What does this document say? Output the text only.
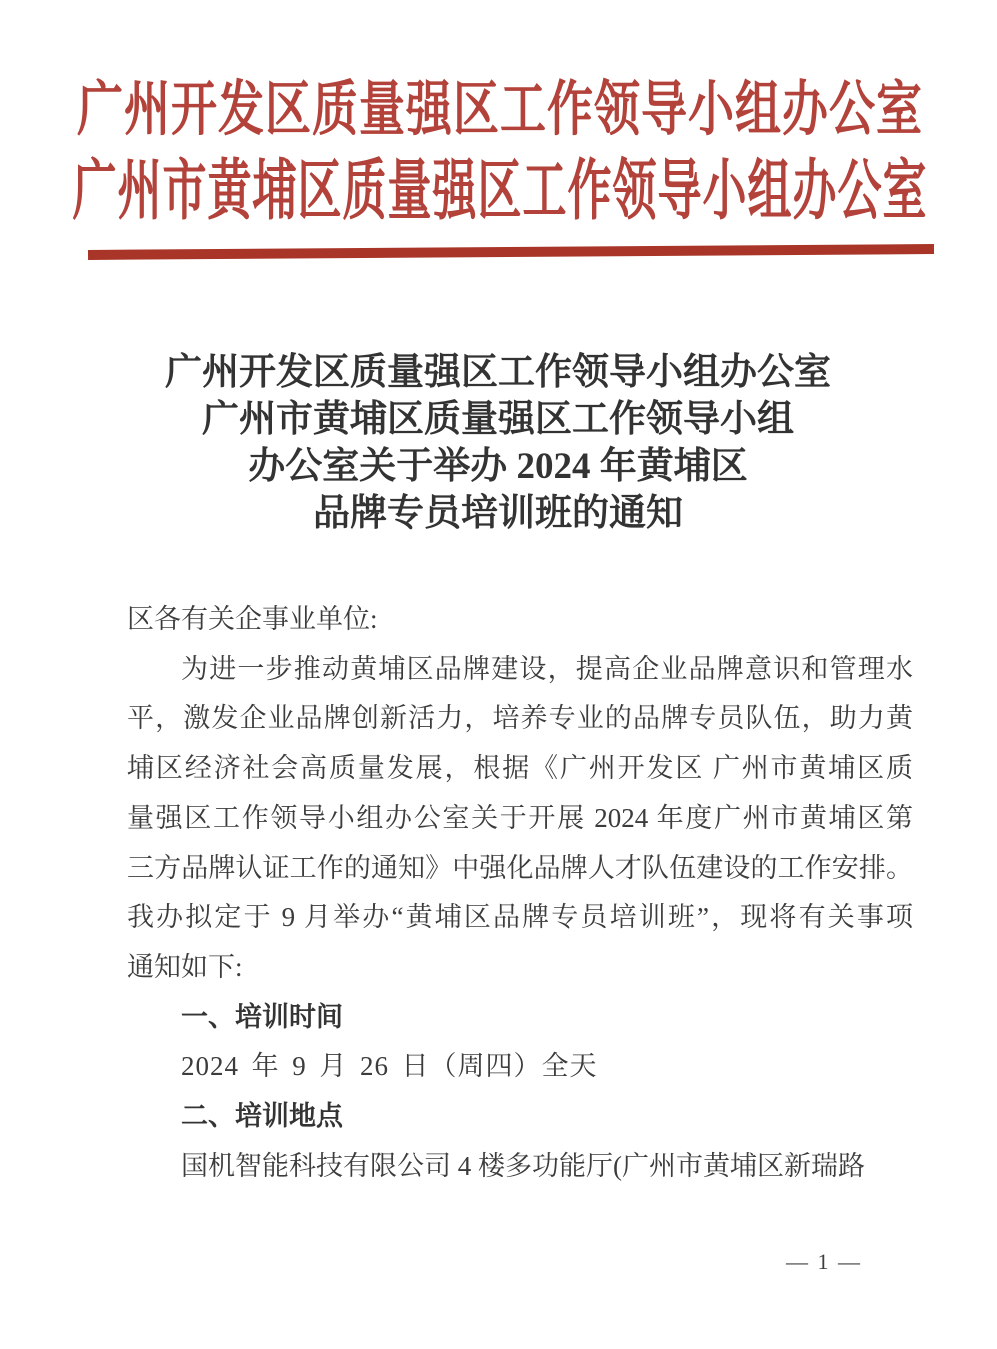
广州开发区质量强区工作领导小组办公室
广州市黄埔区质量强区工作领导小组办公室
广州开发区质量强区工作领导小组办公室
广州市黄埔区质量强区工作领导小组
办公室关于举办 2024 年黄埔区
品牌专员培训班的通知
区各有关企事业单位:
为进一步推动黄埔区品牌建设，提高企业品牌意识和管理水
平，激发企业品牌创新活力，培养专业的品牌专员队伍，助力黄
埔区经济社会高质量发展，根据《广州开发区 广州市黄埔区质
量强区工作领导小组办公室关于开展 2024 年度广州市黄埔区第
三方品牌认证工作的通知》中强化品牌人才队伍建设的工作安排。
我办拟定于 9 月举办“黄埔区品牌专员培训班”，现将有关事项
通知如下:
一、培训时间
2024 年 9 月 26 日（周四）全天
二、培训地点
国机智能科技有限公司 4 楼多功能厅(广州市黄埔区新瑞路
— 1 —
